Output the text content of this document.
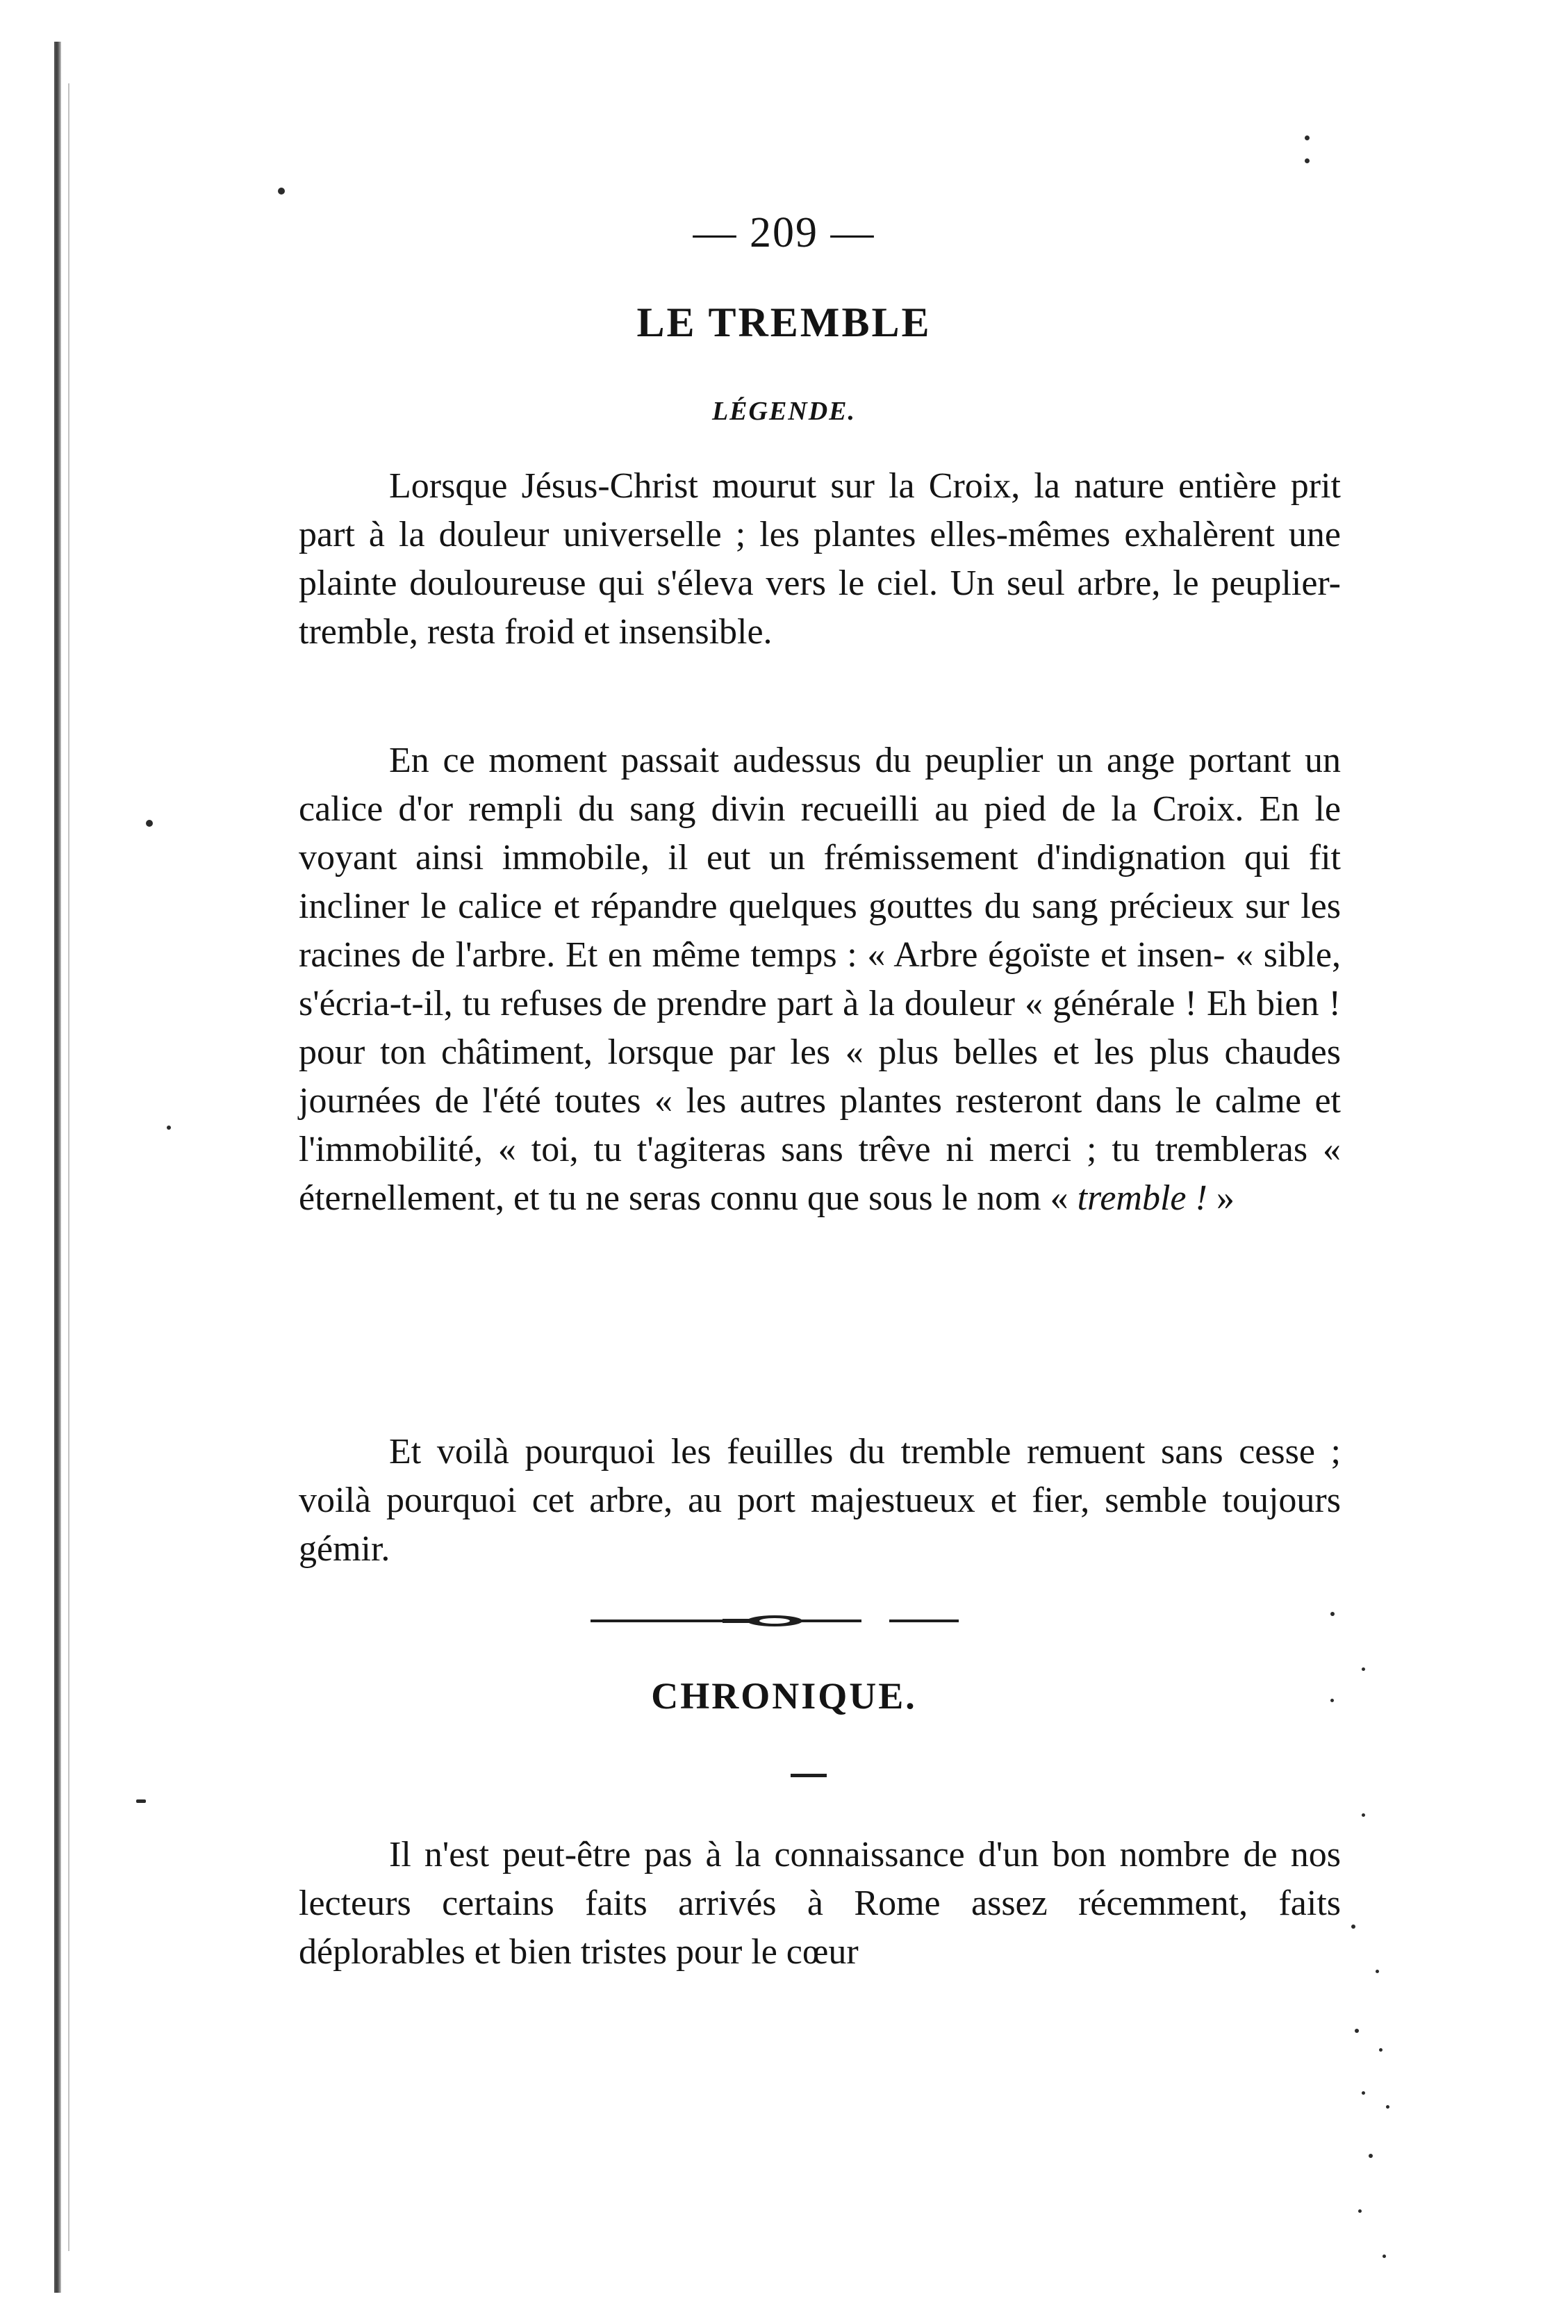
— 209 —
LE TREMBLE
LÉGENDE.

Lorsque Jésus-Christ mourut sur la Croix, la nature entière prit part à la douleur universelle ; les plantes elles-mêmes exhalèrent une plainte douloureuse qui s'éleva vers le ciel. Un seul arbre, le peuplier-tremble, resta froid et insensible.

En ce moment passait audessus du peuplier un ange portant un calice d'or rempli du sang divin recueilli au pied de la Croix. En le voyant ainsi immobile, il eut un frémissement d'indignation qui fit incliner le calice et répandre quelques gouttes du sang précieux sur les racines de l'arbre. Et en même temps : « Arbre égoïste et insen- « sible, s'écria-t-il, tu refuses de prendre part à la douleur « générale ! Eh bien ! pour ton châtiment, lorsque par les « plus belles et les plus chaudes journées de l'été toutes « les autres plantes resteront dans le calme et l'immobilité, « toi, tu t'agiteras sans trêve ni merci ; tu trembleras « éternellement, et tu ne seras connu que sous le nom « tremble ! »

Et voilà pourquoi les feuilles du tremble remuent sans cesse ; voilà pourquoi cet arbre, au port majestueux et fier, semble toujours gémir.

CHRONIQUE.

Il n'est peut-être pas à la connaissance d'un bon nombre de nos lecteurs certains faits arrivés à Rome assez récemment, faits déplorables et bien tristes pour le cœur
